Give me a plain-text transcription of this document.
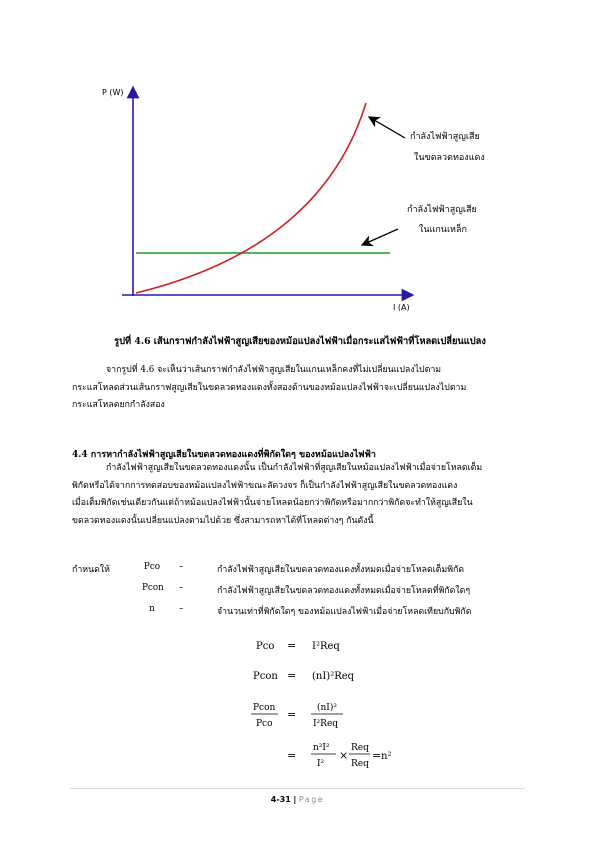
P (W)
I (A)
กำลังไฟฟ้าสูญเสีย
ในขดลวดทองแดง
กำลังไฟฟ้าสูญเสีย
ในแกนเหล็ก
รูปที่ 4.6 เส้นกราฟกำลังไฟฟ้าสูญเสียของหม้อแปลงไฟฟ้าเมื่อกระแสไฟฟ้าที่โหลดเปลี่ยนแปลง
จากรูปที่ 4.6 จะเห็นว่าเส้นกราฟกำลังไฟฟ้าสูญเสียในแกนเหล็กคงที่ไม่เปลี่ยนแปลงไปตาม
กระแสโหลดส่วนเส้นกราฟสูญเสียในขดลวดทองแดงทั้งสองด้านของหม้อแปลงไฟฟ้าจะเปลี่ยนแปลงไปตาม
กระแสโหลดยกกำลังสอง
4.4 การหากำลังไฟฟ้าสูญเสียในขดลวดทองแดงที่พิกัดใดๆ ของหม้อแปลงไฟฟ้า
กำลังไฟฟ้าสูญเสียในขดลวดทองแดงนั้น เป็นกำลังไฟฟ้าที่สูญเสียในหม้อแปลงไฟฟ้าเมื่อจ่ายโหลดเต็ม
พิกัดหรือได้จากการทดสอบของหม้อแปลงไฟฟ้าขณะลัดวงจร ก็เป็นกำลังไฟฟ้าสูญเสียในขดลวดทองแดง
เมื่อเต็มพิกัดเช่นเดียวกันแต่ถ้าหม้อแปลงไฟฟ้านั้นจ่ายโหลดน้อยกว่าพิกัดหรือมากกว่าพิกัดจะทำให้สูญเสียใน
ขดลวดทองแดงนั้นเปลี่ยนแปลงตามไปด้วย ซึ่งสามารถหาได้ที่โหลดต่างๆ กันดังนี้
กำหนดให้	Pco –	กำลังไฟฟ้าสูญเสียในขดลวดทองแดงทั้งหมดเมื่อจ่ายโหลดเต็มพิกัด
Pcon –	กำลังไฟฟ้าสูญเสียในขดลวดทองแดงทั้งหมดเมื่อจ่ายโหลดที่พิกัดใดๆ
n	–	จำนวนเท่าที่พิกัดใดๆ ของหม้อแปลงไฟฟ้าเมื่อจ่ายโหลดเทียบกับพิกัด
Pco = I²Req
Pcon = (nI)²Req
Pcon
Pco
= (nI)²
I²Req
=
n²I²
I²
×
Req
Req
= n²
4-31 | Page
